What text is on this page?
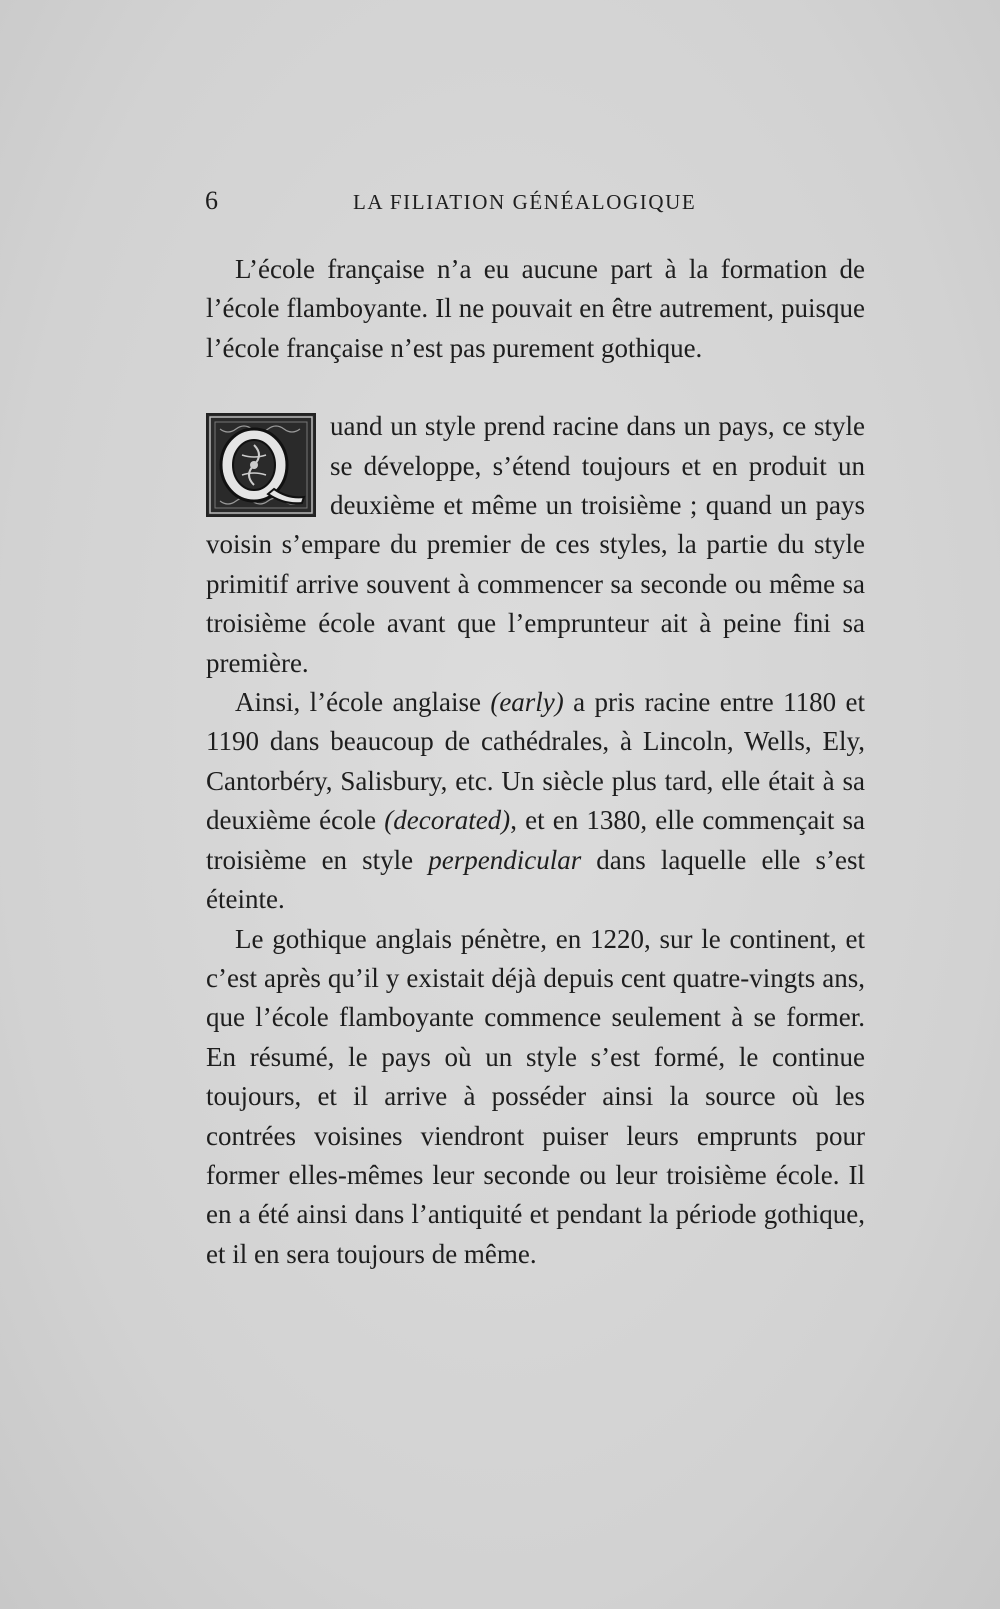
6	LA FILIATION GÉNÉALOGIQUE

L’école française n’a eu aucune part à la formation de l’école flamboyante. Il ne pouvait en être autrement, puisque l’école française n’est pas purement gothique.

uand un style prend racine dans un pays, ce style se développe, s’étend toujours et en produit un deuxième et même un troisième ; quand un pays voisin s’empare du premier de ces styles, la partie du style primitif arrive souvent à commencer sa seconde ou même sa troisième école avant que l’emprunteur ait à peine fini sa première.

Ainsi, l’école anglaise (early) a pris racine entre 1180 et 1190 dans beaucoup de cathédrales, à Lincoln, Wells, Ely, Cantorbéry, Salisbury, etc. Un siècle plus tard, elle était à sa deuxième école (decorated), et en 1380, elle commençait sa troisième en style perpendicular dans laquelle elle s’est éteinte.

Le gothique anglais pénètre, en 1220, sur le continent, et c’est après qu’il y existait déjà depuis cent quatre-vingts ans, que l’école flamboyante commence seulement à se former. En résumé, le pays où un style s’est formé, le continue toujours, et il arrive à posséder ainsi la source où les contrées voisines viendront puiser leurs emprunts pour former elles-mêmes leur seconde ou leur troisième école. Il en a été ainsi dans l’antiquité et pendant la période gothique, et il en sera toujours de même.
